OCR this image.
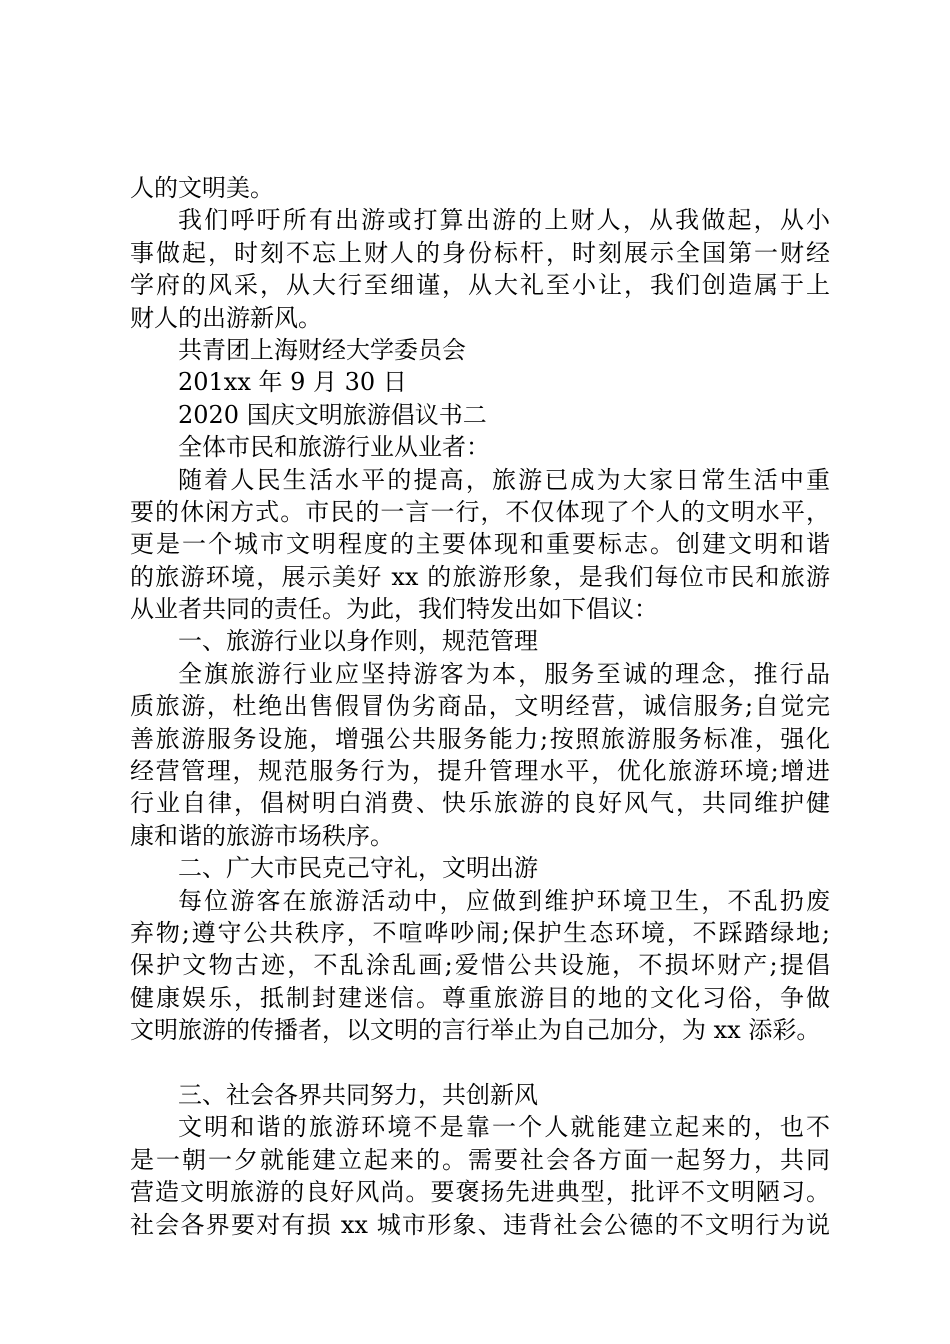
人的文明美。
我们呼吁所有出游或打算出游的上财人，从我做起，从小
事做起，时刻不忘上财人的身份标杆，时刻展示全国第一财经
学府的风采，从大行至细谨，从大礼至小让，我们创造属于上
财人的出游新风。
共青团上海财经大学委员会
201xx 年 9 月 30 日
2020 国庆文明旅游倡议书二
全体市民和旅游行业从业者：
随着人民生活水平的提高，旅游已成为大家日常生活中重
要的休闲方式。市民的一言一行，不仅体现了个人的文明水平，
更是一个城市文明程度的主要体现和重要标志。创建文明和谐
的旅游环境，展示美好 xx 的旅游形象，是我们每位市民和旅游
从业者共同的责任。为此，我们特发出如下倡议：
一、旅游行业以身作则，规范管理
全旗旅游行业应坚持游客为本，服务至诚的理念，推行品
质旅游，杜绝出售假冒伪劣商品，文明经营，诚信服务;自觉完
善旅游服务设施，增强公共服务能力;按照旅游服务标准，强化
经营管理，规范服务行为，提升管理水平，优化旅游环境;增进
行业自律，倡树明白消费、快乐旅游的良好风气，共同维护健
康和谐的旅游市场秩序。
二、广大市民克己守礼，文明出游
每位游客在旅游活动中，应做到维护环境卫生，不乱扔废
弃物;遵守公共秩序，不喧哗吵闹;保护生态环境，不踩踏绿地;
保护文物古迹，不乱涂乱画;爱惜公共设施，不损坏财产;提倡
健康娱乐，抵制封建迷信。尊重旅游目的地的文化习俗，争做
文明旅游的传播者，以文明的言行举止为自己加分，为 xx 添彩。
三、社会各界共同努力，共创新风
文明和谐的旅游环境不是靠一个人就能建立起来的，也不
是一朝一夕就能建立起来的。需要社会各方面一起努力，共同
营造文明旅游的良好风尚。要褒扬先进典型，批评不文明陋习。
社会各界要对有损 xx 城市形象、违背社会公德的不文明行为说
